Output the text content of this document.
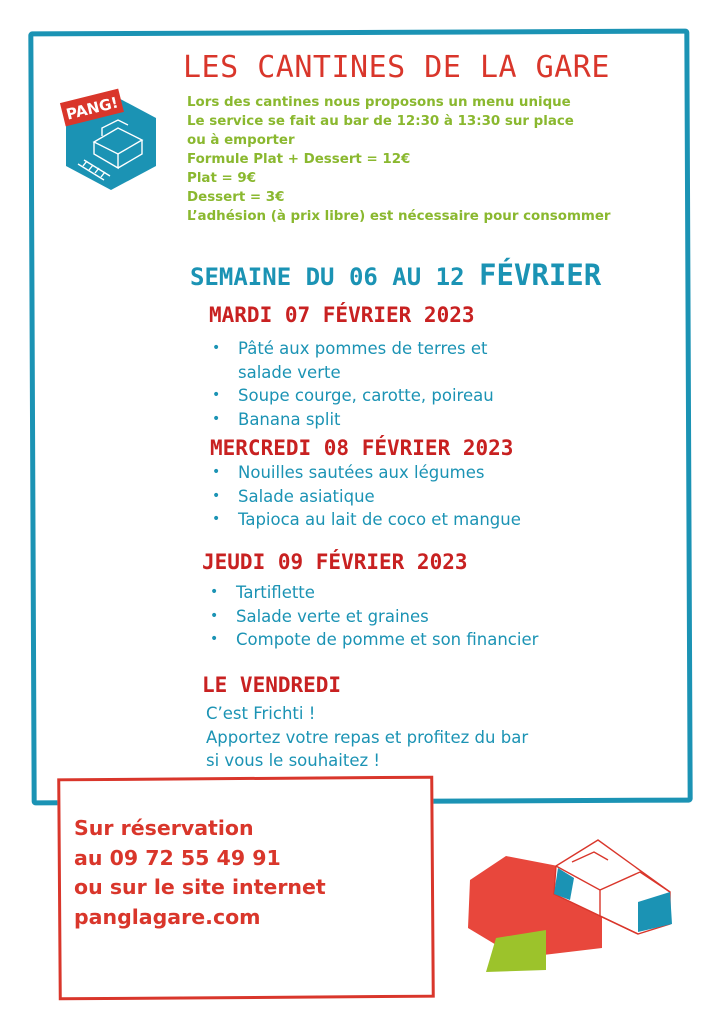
PANG!
LES CANTINES DE LA GARE
Lors des cantines nous proposons un menu unique
Le service se fait au bar de 12:30 à 13:30 sur place
ou à emporter
Formule Plat + Dessert = 12€
Plat = 9€
Dessert = 3€
L’adhésion (à prix libre) est nécessaire pour consommer
SEMAINE DU 06 AU 12 FÉVRIER
MARDI 07 FÉVRIER 2023
• Pâté aux pommes de terres et
salade verte
• Soupe courge, carotte, poireau
• Banana split
MERCREDI 08 FÉVRIER 2023
• Nouilles sautées aux légumes
• Salade asiatique
• Tapioca au lait de coco et mangue
JEUDI 09 FÉVRIER 2023
• Tartiflette
• Salade verte et graines
• Compote de pomme et son financier
LE VENDREDI
C’est Frichti !
Apportez votre repas et profitez du bar
si vous le souhaitez !
Sur réservation
au 09 72 55 49 91
ou sur le site internet
panglagare.com
